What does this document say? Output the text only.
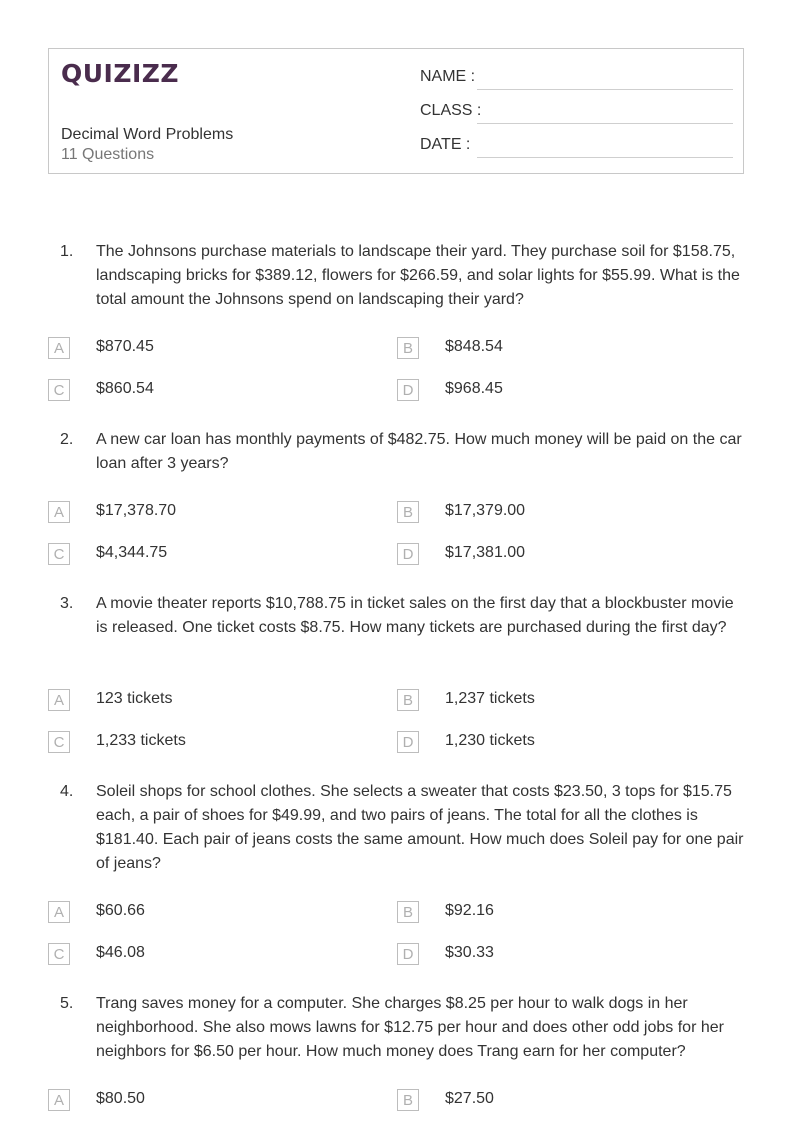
QUIZIZZ
Decimal Word Problems
11 Questions
NAME :
CLASS :
DATE :
1. The Johnsons purchase materials to landscape their yard. They purchase soil for $158.75, landscaping bricks for $389.12, flowers for $266.59, and solar lights for $55.99. What is the total amount the Johnsons spend on landscaping their yard?
A	$870.45	B	$848.54
C	$860.54	D	$968.45
2. A new car loan has monthly payments of $482.75. How much money will be paid on the car loan after 3 years?
A	$17,378.70	B	$17,379.00
C	$4,344.75	D	$17,381.00
3. A movie theater reports $10,788.75 in ticket sales on the first day that a blockbuster movie is released. One ticket costs $8.75. How many tickets are purchased during the first day?
A	123 tickets	B	1,237 tickets
C	1,233 tickets	D	1,230 tickets
4. Soleil shops for school clothes. She selects a sweater that costs $23.50, 3 tops for $15.75 each, a pair of shoes for $49.99, and two pairs of jeans. The total for all the clothes is $181.40. Each pair of jeans costs the same amount. How much does Soleil pay for one pair of jeans?
A	$60.66	B	$92.16
C	$46.08	D	$30.33
5. Trang saves money for a computer. She charges $8.25 per hour to walk dogs in her neighborhood. She also mows lawns for $12.75 per hour and does other odd jobs for her neighbors for $6.50 per hour. How much money does Trang earn for her computer?
A	$80.50	B	$27.50
